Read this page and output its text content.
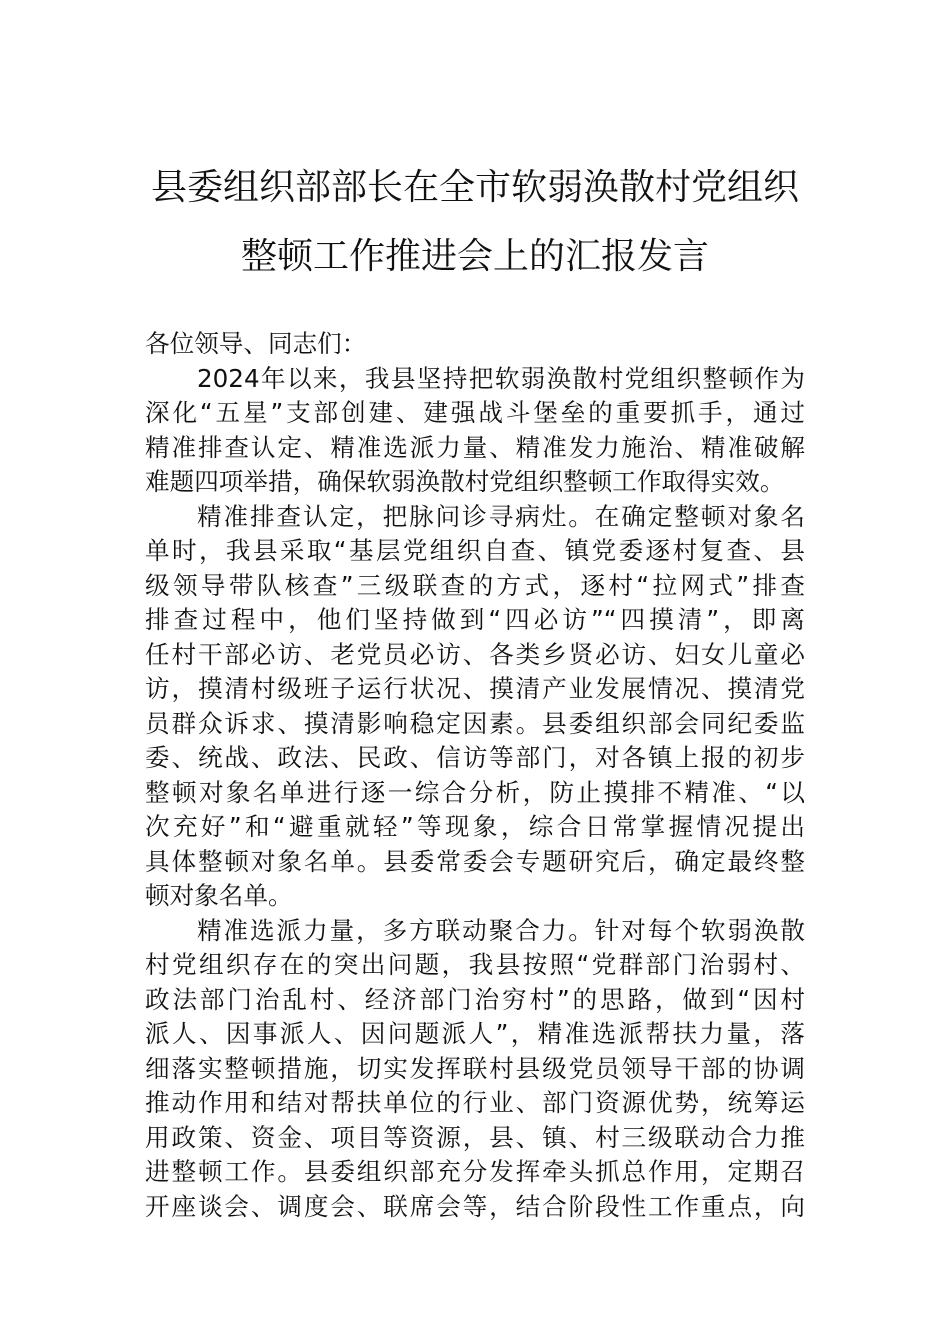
县委组织部部长在全市软弱涣散村党组织
整顿工作推进会上的汇报发言
各位领导、同志们：
2024年以来，我县坚持把软弱涣散村党组织整顿作为
深化“五星”支部创建、建强战斗堡垒的重要抓手，通过
精准排查认定、精准选派力量、精准发力施治、精准破解
难题四项举措，确保软弱涣散村党组织整顿工作取得实效。
精准排查认定，把脉问诊寻病灶。在确定整顿对象名
单时，我县采取“基层党组织自查、镇党委逐村复查、县
级领导带队核查”三级联查的方式，逐村“拉网式”排查
排查过程中，他们坚持做到“四必访”“四摸清”，即离
任村干部必访、老党员必访、各类乡贤必访、妇女儿童必
访，摸清村级班子运行状况、摸清产业发展情况、摸清党
员群众诉求、摸清影响稳定因素。县委组织部会同纪委监
委、统战、政法、民政、信访等部门，对各镇上报的初步
整顿对象名单进行逐一综合分析，防止摸排不精准、“以
次充好”和“避重就轻”等现象，综合日常掌握情况提出
具体整顿对象名单。县委常委会专题研究后，确定最终整
顿对象名单。
精准选派力量，多方联动聚合力。针对每个软弱涣散
村党组织存在的突出问题，我县按照“党群部门治弱村、
政法部门治乱村、经济部门治穷村”的思路，做到“因村
派人、因事派人、因问题派人”，精准选派帮扶力量，落
细落实整顿措施，切实发挥联村县级党员领导干部的协调
推动作用和结对帮扶单位的行业、部门资源优势，统筹运
用政策、资金、项目等资源，县、镇、村三级联动合力推
进整顿工作。县委组织部充分发挥牵头抓总作用，定期召
开座谈会、调度会、联席会等，结合阶段性工作重点，向
